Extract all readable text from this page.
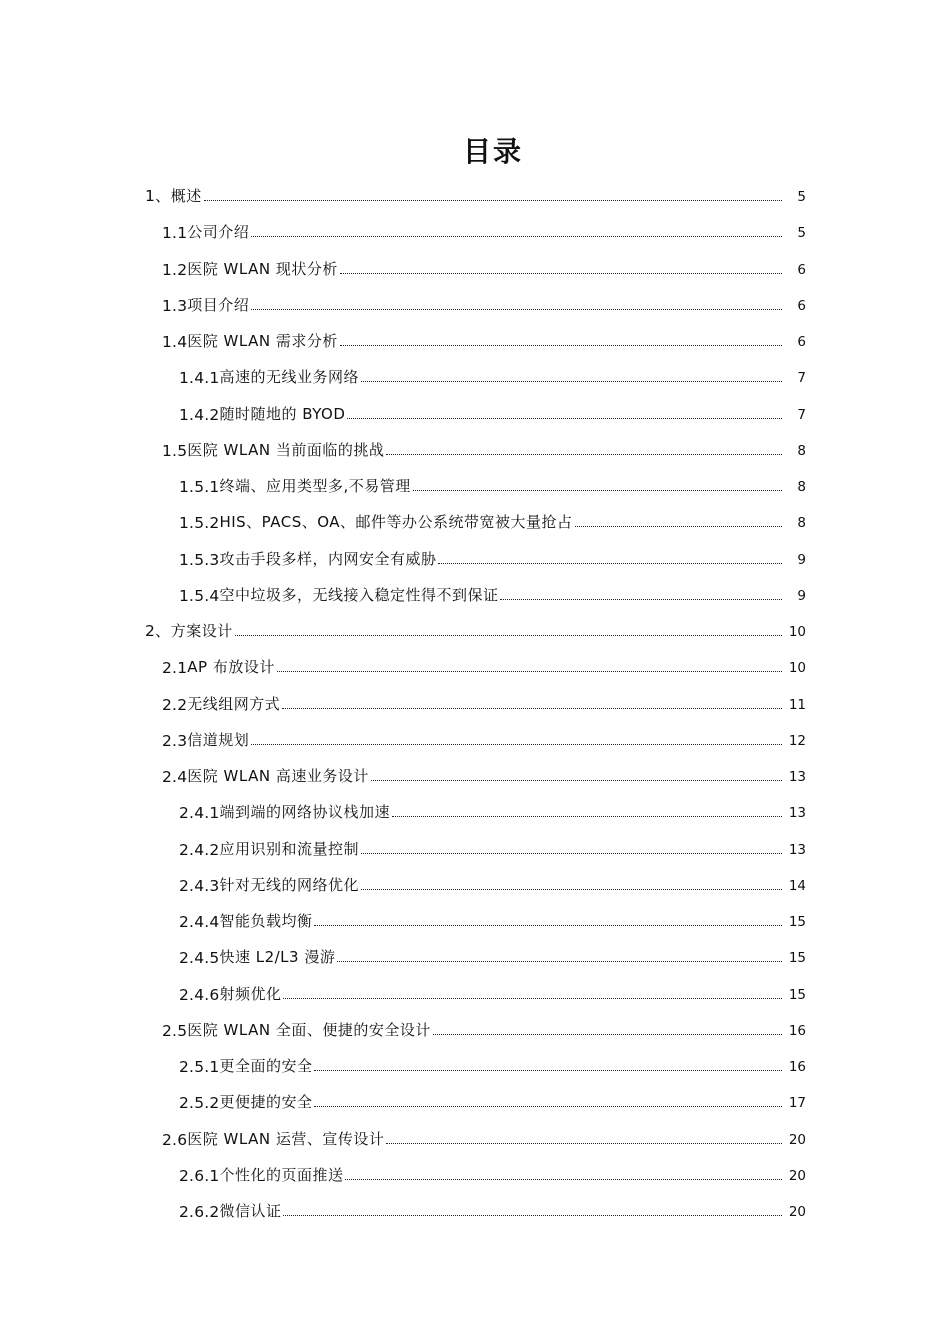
目录
1、 概述	5
1.1 公司介绍	5
1.2 医院 WLAN 现状分析	6
1.3 项目介绍	6
1.4 医院 WLAN 需求分析	6
1.4.1 高速的无线业务网络	7
1.4.2 随时随地的 BYOD	7
1.5 医院 WLAN 当前面临的挑战	8
1.5.1 终端、应用类型多,不易管理	8
1.5.2 HIS、PACS、OA、邮件等办公系统带宽被大量抢占	8
1.5.3 攻击手段多样，内网安全有威胁	9
1.5.4 空中垃圾多，无线接入稳定性得不到保证	9
2、 方案设计	10
2.1 AP 布放设计	10
2.2 无线组网方式	11
2.3 信道规划	12
2.4 医院 WLAN 高速业务设计	13
2.4.1 端到端的网络协议栈加速	13
2.4.2 应用识别和流量控制	13
2.4.3 针对无线的网络优化	14
2.4.4 智能负载均衡	15
2.4.5 快速 L2/L3 漫游	15
2.4.6 射频优化	15
2.5 医院 WLAN 全面、便捷的安全设计	16
2.5.1 更全面的安全	16
2.5.2 更便捷的安全	17
2.6 医院 WLAN 运营、宣传设计	20
2.6.1 个性化的页面推送	20
2.6.2 微信认证	20
